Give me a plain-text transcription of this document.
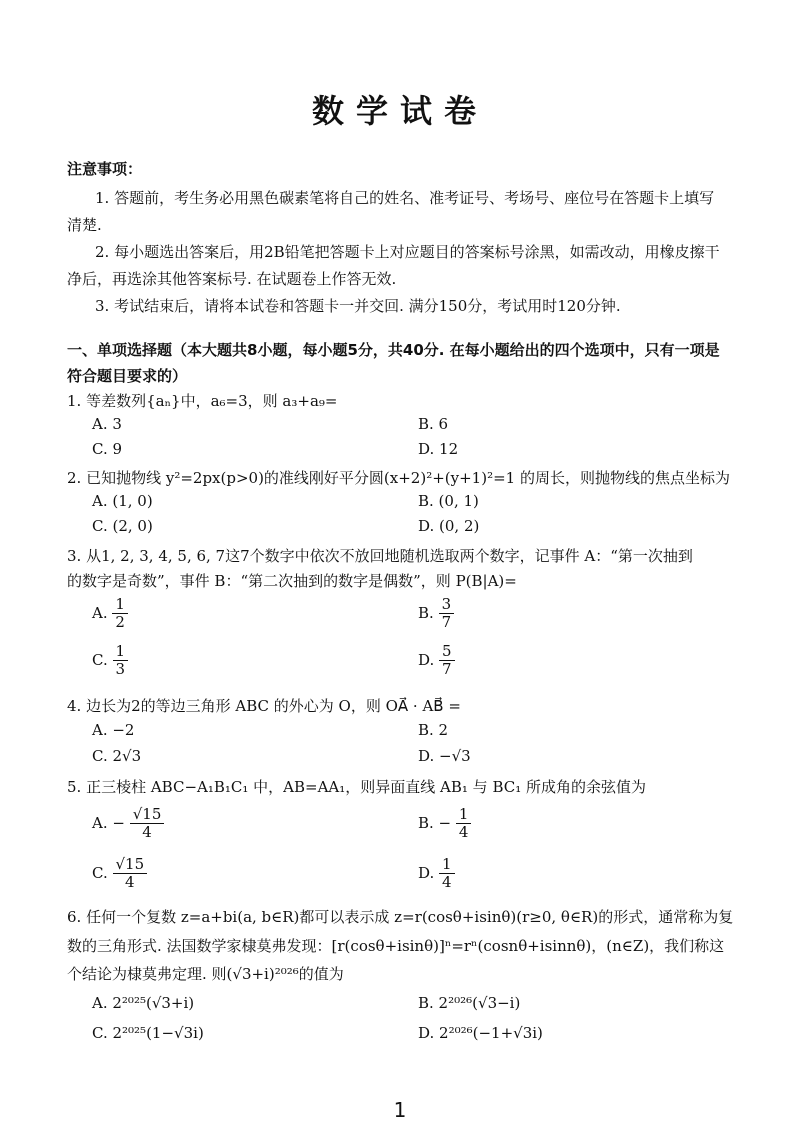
数学试卷
注意事项：
1. 答题前，考生务必用黑色碳素笔将自己的姓名、准考证号、考场号、座位号在答题卡上填写
清楚.
2. 每小题选出答案后，用2B铅笔把答题卡上对应题目的答案标号涂黑，如需改动，用橡皮擦干
净后，再选涂其他答案标号. 在试题卷上作答无效.
3. 考试结束后，请将本试卷和答题卡一并交回. 满分150分，考试用时120分钟.
一、单项选择题（本大题共8小题，每小题5分，共40分. 在每小题给出的四个选项中，只有一项是
符合题目要求的）
1. 等差数列{aₙ}中，a₆=3，则 a₃+a₉=
A. 3	B. 6
C. 9	D. 12
2. 已知抛物线 y²=2px(p>0)的准线刚好平分圆(x+2)²+(y+1)²=1 的周长，则抛物线的焦点坐标为
A. (1, 0)	B. (0, 1)
C. (2, 0)	D. (0, 2)
3. 从1, 2, 3, 4, 5, 6, 7这7个数字中依次不放回地随机选取两个数字，记事件 A：“第一次抽到
的数字是奇数”，事件 B：“第二次抽到的数字是偶数”，则 P(B|A)=
A. $\frac{1}{2}$	B. $\frac{3}{7}$
C. $\frac{1}{3}$	D. $\frac{5}{7}$
4. 边长为2的等边三角形 ABC 的外心为 O，则 OA⃗ · AB⃗ =
A. −2	B. 2
C. 2√3	D. −√3
5. 正三棱柱 ABC−A₁B₁C₁ 中，AB=AA₁，则异面直线 AB₁ 与 BC₁ 所成角的余弦值为
A. − $\frac{√15}{4}$	B. − $\frac{1}{4}$
C. $\frac{√15}{4}$	D. $\frac{1}{4}$
6. 任何一个复数 z=a+bi(a, b∈R)都可以表示成 z=r(cosθ+isinθ)(r≥0, θ∈R)的形式，通常称为复
数的三角形式. 法国数学家棣莫弗发现：[r(cosθ+isinθ)]ⁿ=rⁿ(cosnθ+isinnθ)，(n∈Z)，我们称这
个结论为棣莫弗定理. 则(√3+i)²⁰²⁶的值为
A. 2²⁰²⁵(√3+i)	B. 2²⁰²⁶(√3−i)
C. 2²⁰²⁵(1−√3i)	D. 2²⁰²⁶(−1+√3i)
1
